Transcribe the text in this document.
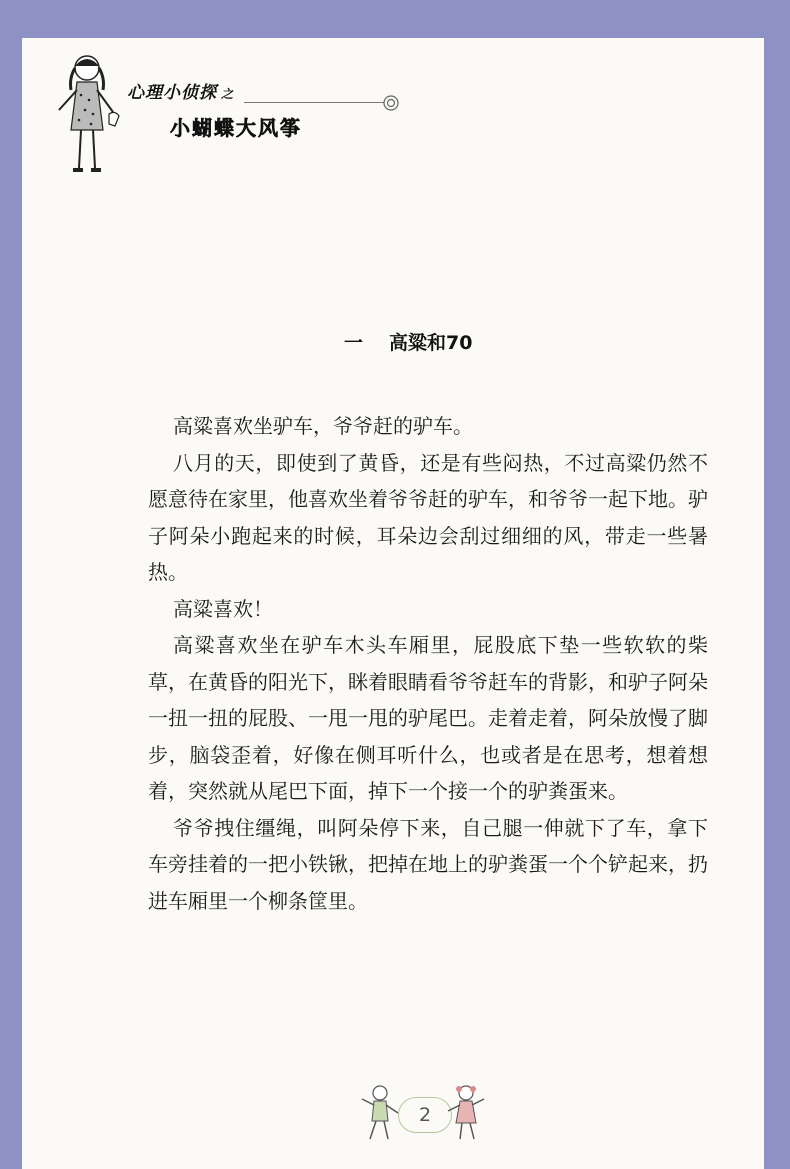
心理小侦探 之
小 蝴 蝶 大 风 筝
一 高粱和70

高粱喜欢坐驴车，爷爷赶的驴车。

八月的天，即使到了黄昏，还是有些闷热，不过高粱仍然不愿意待在家里，他喜欢坐着爷爷赶的驴车，和爷爷一起下地。驴子阿朵小跑起来的时候，耳朵边会刮过细细的风，带走一些暑热。

高粱喜欢！

高粱喜欢坐在驴车木头车厢里，屁股底下垫一些软软的柴草，在黄昏的阳光下，眯着眼睛看爷爷赶车的背影，和驴子阿朵一扭一扭的屁股、一甩一甩的驴尾巴。走着走着，阿朵放慢了脚步，脑袋歪着，好像在侧耳听什么，也或者是在思考，想着想着，突然就从尾巴下面，掉下一个接一个的驴粪蛋来。

爷爷拽住缰绳，叫阿朵停下来，自己腿一伸就下了车，拿下车旁挂着的一把小铁锹，把掉在地上的驴粪蛋一个个铲起来，扔进车厢里一个柳条筐里。

2
